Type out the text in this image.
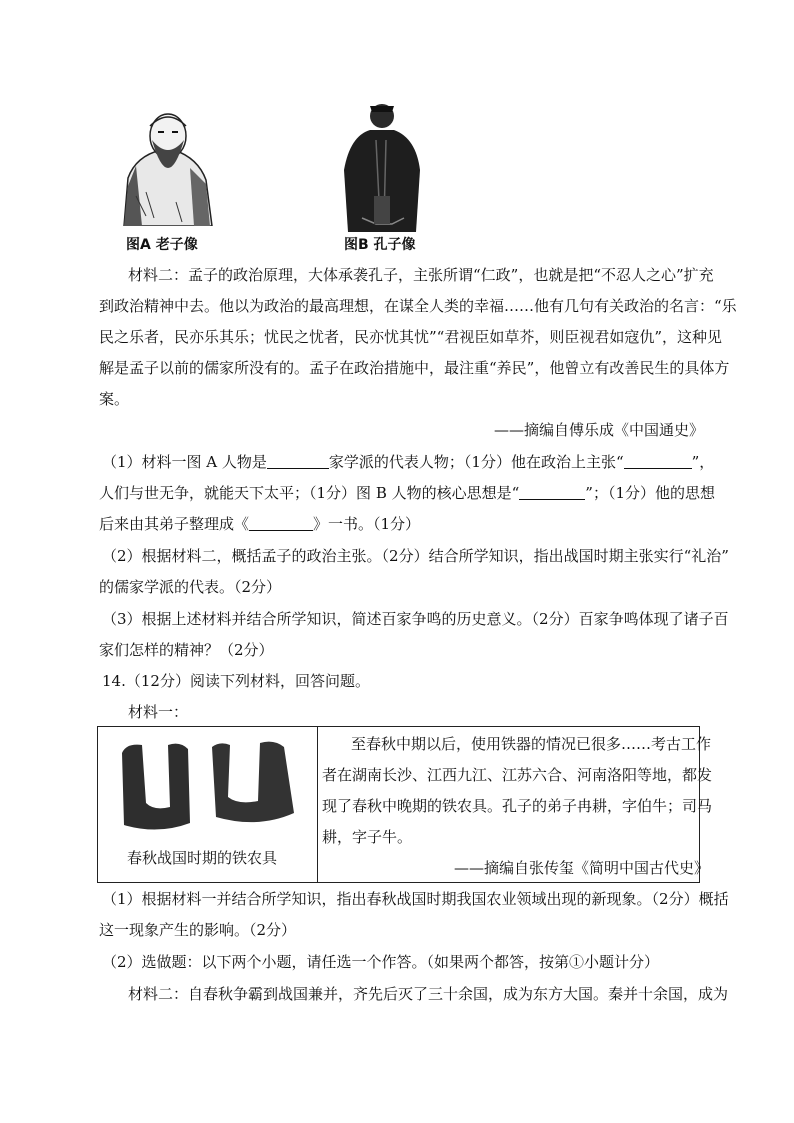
图A 老子像	图B 孔子像
材料二：孟子的政治原理，大体承袭孔子，主张所谓“仁政”，也就是把“不忍人之心”扩充
到政治精神中去。他以为政治的最高理想，在谋全人类的幸福……他有几句有关政治的名言：“乐
民之乐者，民亦乐其乐；忧民之忧者，民亦忧其忧”“君视臣如草芥，则臣视君如寇仇”，这种见
解是孟子以前的儒家所没有的。孟子在政治措施中，最注重“养民”，他曾立有改善民生的具体方
案。
——摘编自傅乐成《中国通史》
（1）材料一图 A 人物是	家学派的代表人物；（1分）他在政治上主张“	”，
人们与世无争，就能天下太平；（1分）图 B 人物的核心思想是“	”；（1分）他的思想
后来由其弟子整理成《	》一书。（1分）
（2）根据材料二，概括孟子的政治主张。（2分）结合所学知识，指出战国时期主张实行“礼治”
的儒家学派的代表。（2分）
（3）根据上述材料并结合所学知识，简述百家争鸣的历史意义。（2分）百家争鸣体现了诸子百
家们怎样的精神？（2分）
14.（12分）阅读下列材料，回答问题。
材料一：
春秋战国时期的铁农具

至春秋中期以后，使用铁器的情况已很多……考古工作
者在湖南长沙、江西九江、江苏六合、河南洛阳等地，都发
现了春秋中晚期的铁农具。孔子的弟子冉耕，字伯牛；司马
耕，字子牛。
——摘编自张传玺《简明中国古代史》
（1）根据材料一并结合所学知识，指出春秋战国时期我国农业领域出现的新现象。（2分）概括
这一现象产生的影响。（2分）
（2）选做题：以下两个小题，请任选一个作答。（如果两个都答，按第①小题计分）
材料二：自春秋争霸到战国兼并，齐先后灭了三十余国，成为东方大国。秦并十余国，成为
